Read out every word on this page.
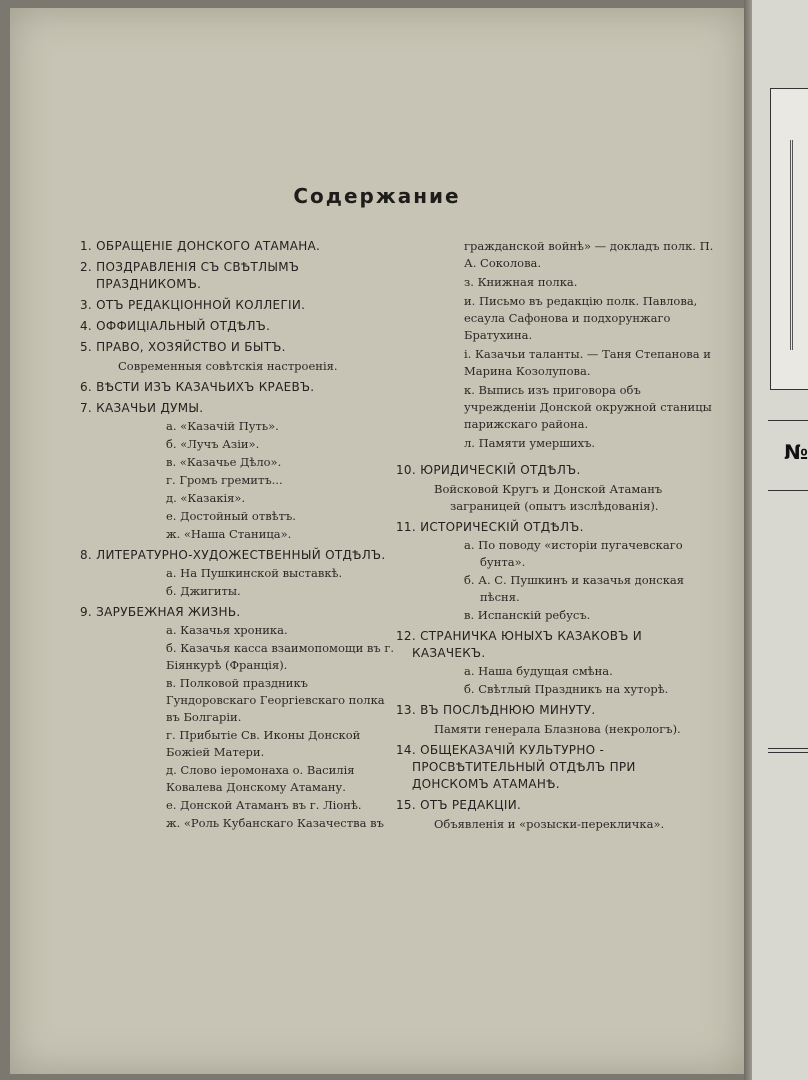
Содержание
1. ОБРАЩЕНІЕ ДОНСКОГО АТАМАНА.
2. ПОЗДРАВЛЕНІЯ СЪ СВѢТЛЫМЪ ПРАЗДНИКОМЪ.
3. ОТЪ РЕДАКЦІОННОЙ КОЛЛЕГІИ.
4. ОФФИЦІАЛЬНЫЙ ОТДѢЛЪ.
5. ПРАВО, ХОЗЯЙСТВО И БЫТЪ.
Современныя совѣтскія настроенія.
6. ВѢСТИ ИЗЪ КАЗАЧЬИХЪ КРАЕВЪ.
7. КАЗАЧЬИ ДУМЫ.
а. «Казачій Путь».
б. «Лучъ Азіи».
в. «Казачье Дѣло».
г. Громъ гремитъ...
д. «Казакія».
е. Достойный отвѣтъ.
ж. «Наша Станица».
8. ЛИТЕРАТУРНО-ХУДОЖЕСТВЕННЫЙ ОТДѢЛЪ.
а. На Пушкинской выставкѣ.
б. Джигиты.
9. ЗАРУБЕЖНАЯ ЖИЗНЬ.
а. Казачья хроника.
б. Казачья касса взаимопомощи въ г. Біянкурѣ (Франція).
в. Полковой праздникъ Гундоровскаго Георгіевскаго полка въ Болгаріи.
г. Прибытіе Св. Иконы Донской Божіей Матери.
д. Слово іеромонаха о. Василія Ковалева Донскому Атаману.
е. Донской Атаманъ въ г. Ліонѣ.
ж. «Роль Кубанскаго Казачества въ
гражданской войнѣ» — докладъ полк. П. А. Соколова.
з. Книжная полка.
и. Письмо въ редакцію полк. Павлова, есаула Сафонова и подхорунжаго Братухина.
і. Казачьи таланты. — Таня Степанова и Марина Козолупова.
к. Выпись изъ приговора объ учрежденіи Донской окружной станицы парижскаго района.
л. Памяти умершихъ.
10. ЮРИДИЧЕСКІЙ ОТДѢЛЪ.
Войсковой Кругъ и Донской Атаманъ заграницей (опытъ изслѣдованія).
11. ИСТОРИЧЕСКІЙ ОТДѢЛЪ.
а. По поводу «исторіи пугачевскаго бунта».
б. А. С. Пушкинъ и казачья донская пѣсня.
в. Испанскій ребусъ.
12. СТРАНИЧКА ЮНЫХЪ КАЗАКОВЪ И КАЗАЧЕКЪ.
а. Наша будущая смѣна.
б. Свѣтлый Праздникъ на хуторѣ.
13. ВЪ ПОСЛѢДНЮЮ МИНУТУ.
Памяти генерала Блазнова (некрологъ).
14. ОБЩЕКАЗАЧІЙ КУЛЬТУРНО - ПРОСВѢТИТЕЛЬНЫЙ ОТДѢЛЪ ПРИ ДОНСКОМЪ АТАМАНѢ.
15. ОТЪ РЕДАКЦІИ.
Объявленія и «розыски-перекличка».
№
